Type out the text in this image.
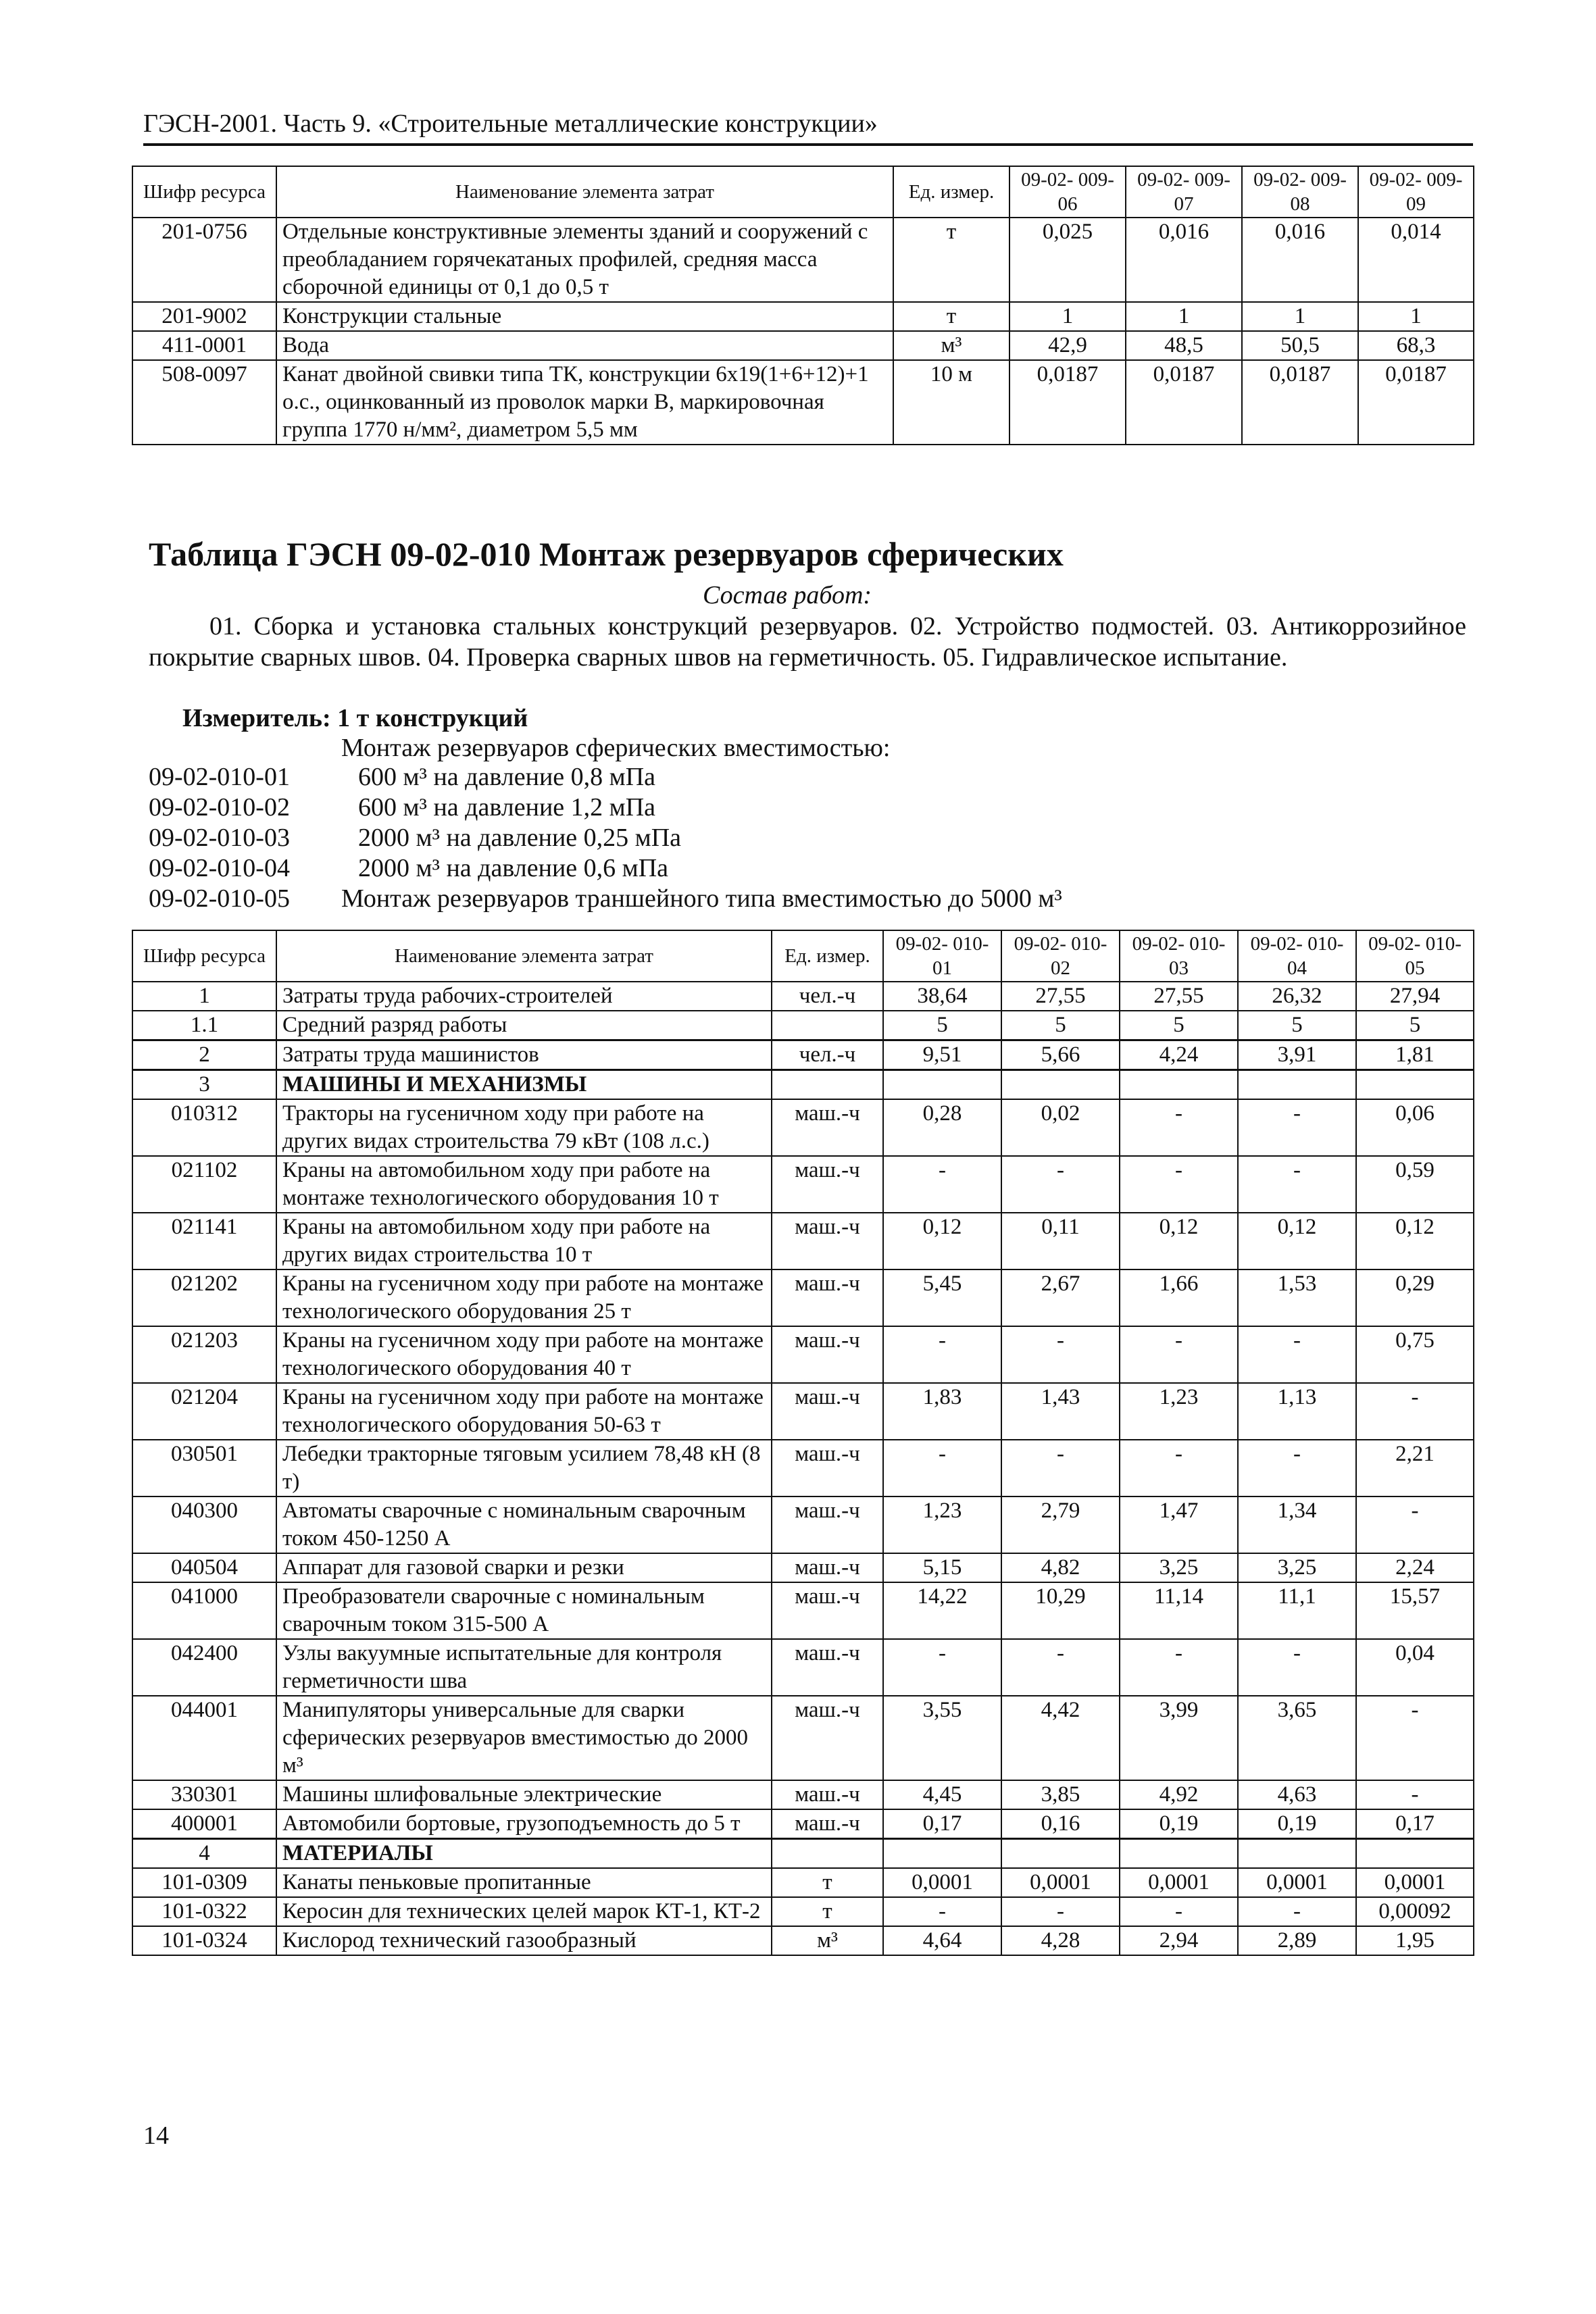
ГЭСН-2001. Часть 9. «Строительные металлические конструкции»
Шифр ресурса	Наименование элемента затрат	Ед. измер.	09-02- 009-06	09-02- 009-07	09-02- 009-08	09-02- 009-09
201-0756	Отдельные конструктивные элементы зданий и сооружений с преобладанием горячекатаных профилей, средняя масса сборочной единицы от 0,1 до 0,5 т	т	0,025	0,016	0,016	0,014
201-9002	Конструкции стальные	т	1	1	1	1
411-0001	Вода	м³	42,9	48,5	50,5	68,3
508-0097	Канат двойной свивки типа ТК, конструкции 6х19(1+6+12)+1 о.с., оцинкованный из проволок марки В, маркировочная группа 1770 н/мм², диаметром 5,5 мм	10 м	0,0187	0,0187	0,0187	0,0187
Таблица ГЭСН 09-02-010 Монтаж резервуаров сферических
Состав работ:
01. Сборка и установка стальных конструкций резервуаров. 02. Устройство подмостей. 03. Антикоррозийное покрытие сварных швов. 04. Проверка сварных швов на герметичность. 05. Гидравлическое испытание.
Измеритель: 1 т конструкций
Монтаж резервуаров сферических вместимостью:
09-02-010-01	600 м³ на давление 0,8 мПа
09-02-010-02	600 м³ на давление 1,2 мПа
09-02-010-03	2000 м³ на давление 0,25 мПа
09-02-010-04	2000 м³ на давление 0,6 мПа
09-02-010-05	Монтаж резервуаров траншейного типа вместимостью до 5000 м³
Шифр ресурса	Наименование элемента затрат	Ед. измер.	09-02- 010-01	09-02- 010-02	09-02- 010-03	09-02- 010-04	09-02- 010-05
1	Затраты труда рабочих-строителей	чел.-ч	38,64	27,55	27,55	26,32	27,94
1.1	Средний разряд работы		5	5	5	5	5
2	Затраты труда машинистов	чел.-ч	9,51	5,66	4,24	3,91	1,81
3	МАШИНЫ И МЕХАНИЗМЫ						
010312	Тракторы на гусеничном ходу при работе на других видах строительства 79 кВт (108 л.с.)	маш.-ч	0,28	0,02	-	-	0,06
021102	Краны на автомобильном ходу при работе на монтаже технологического оборудования 10 т	маш.-ч	-	-	-	-	0,59
021141	Краны на автомобильном ходу при работе на других видах строительства 10 т	маш.-ч	0,12	0,11	0,12	0,12	0,12
021202	Краны на гусеничном ходу при работе на монтаже технологического оборудования 25 т	маш.-ч	5,45	2,67	1,66	1,53	0,29
021203	Краны на гусеничном ходу при работе на монтаже технологического оборудования 40 т	маш.-ч	-	-	-	-	0,75
021204	Краны на гусеничном ходу при работе на монтаже технологического оборудования 50-63 т	маш.-ч	1,83	1,43	1,23	1,13	-
030501	Лебедки тракторные тяговым усилием 78,48 кН (8 т)	маш.-ч	-	-	-	-	2,21
040300	Автоматы сварочные с номинальным сварочным током 450-1250 А	маш.-ч	1,23	2,79	1,47	1,34	-
040504	Аппарат для газовой сварки и резки	маш.-ч	5,15	4,82	3,25	3,25	2,24
041000	Преобразователи сварочные с номинальным сварочным током 315-500 А	маш.-ч	14,22	10,29	11,14	11,1	15,57
042400	Узлы вакуумные испытательные для контроля герметичности шва	маш.-ч	-	-	-	-	0,04
044001	Манипуляторы универсальные для сварки сферических резервуаров вместимостью до 2000 м³	маш.-ч	3,55	4,42	3,99	3,65	-
330301	Машины шлифовальные электрические	маш.-ч	4,45	3,85	4,92	4,63	-
400001	Автомобили бортовые, грузоподъемность до 5 т	маш.-ч	0,17	0,16	0,19	0,19	0,17
4	МАТЕРИАЛЫ						
101-0309	Канаты пеньковые пропитанные	т	0,0001	0,0001	0,0001	0,0001	0,0001
101-0322	Керосин для технических целей марок КТ-1, КТ-2	т	-	-	-	-	0,00092
101-0324	Кислород технический газообразный	м³	4,64	4,28	2,94	2,89	1,95
14
